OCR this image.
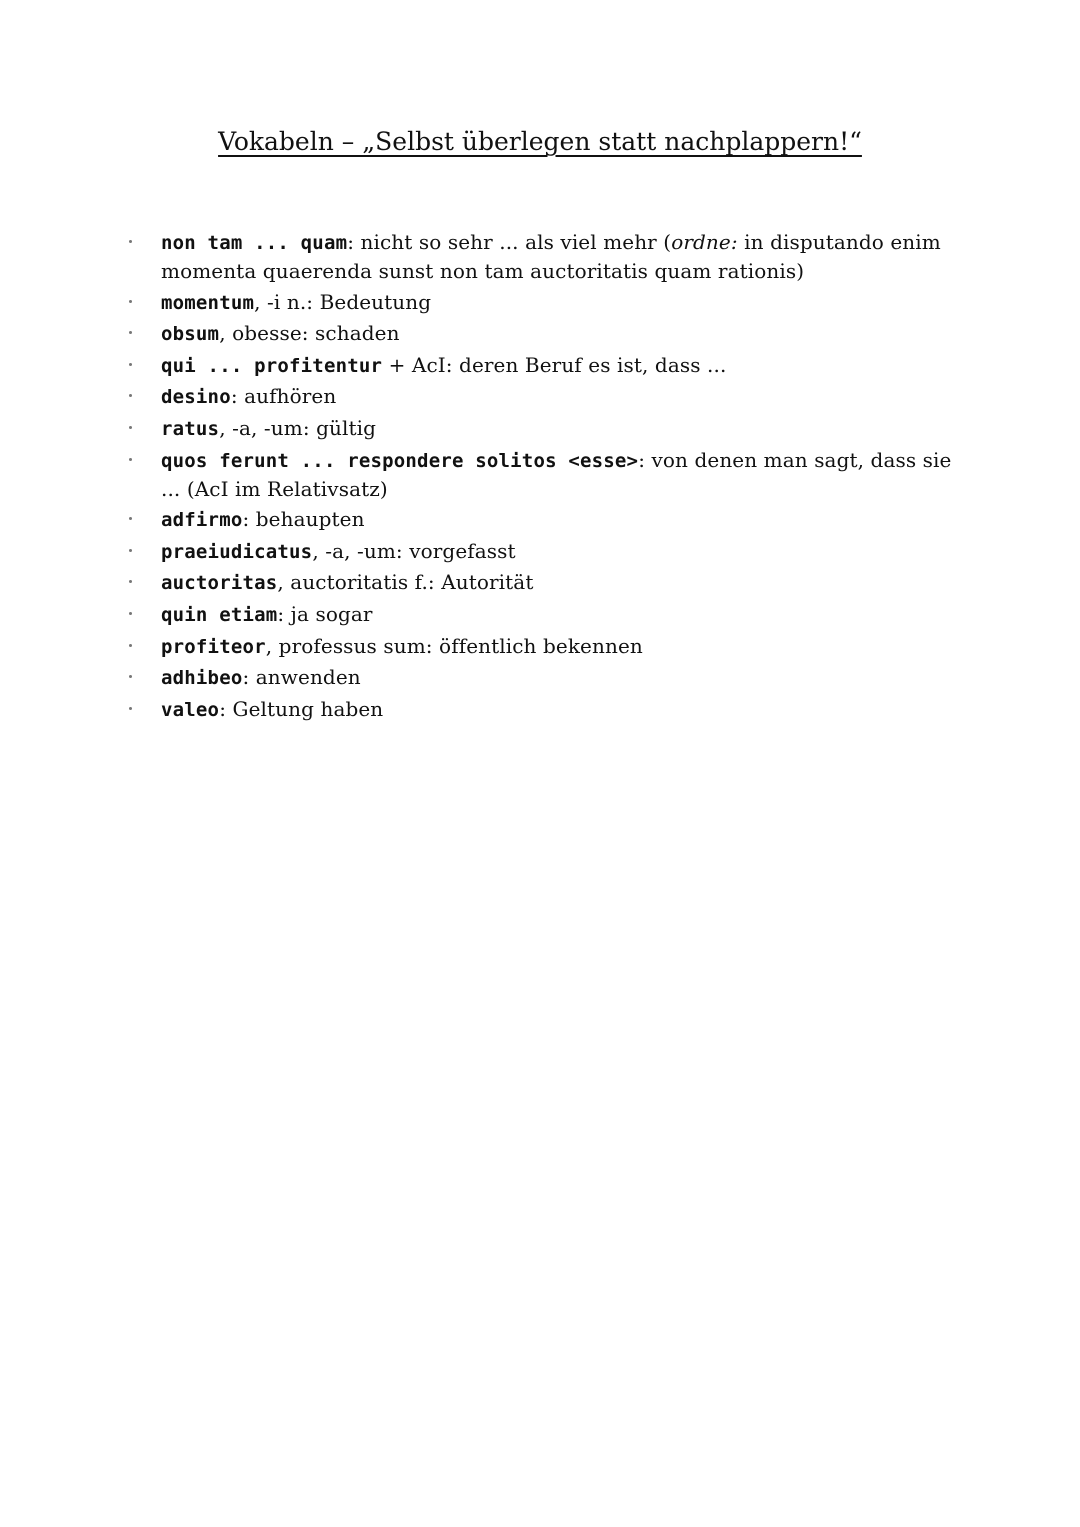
Vokabeln – „Selbst überlegen statt nachplappern!“
non tam ... quam: nicht so sehr ... als viel mehr (ordne: in disputando enim momenta quaerenda sunst non tam auctoritatis quam rationis)
momentum, -i n.: Bedeutung
obsum, obesse: schaden
qui ... profitentur + AcI: deren Beruf es ist, dass ...
desino: aufhören
ratus, -a, -um: gültig
quos ferunt ... respondere solitos <esse>: von denen man sagt, dass sie ... (AcI im Relativsatz)
adfirmo: behaupten
praeiudicatus, -a, -um: vorgefasst
auctoritas, auctoritatis f.: Autorität
quin etiam: ja sogar
profiteor, professus sum: öffentlich bekennen
adhibeo: anwenden
valeo: Geltung haben
